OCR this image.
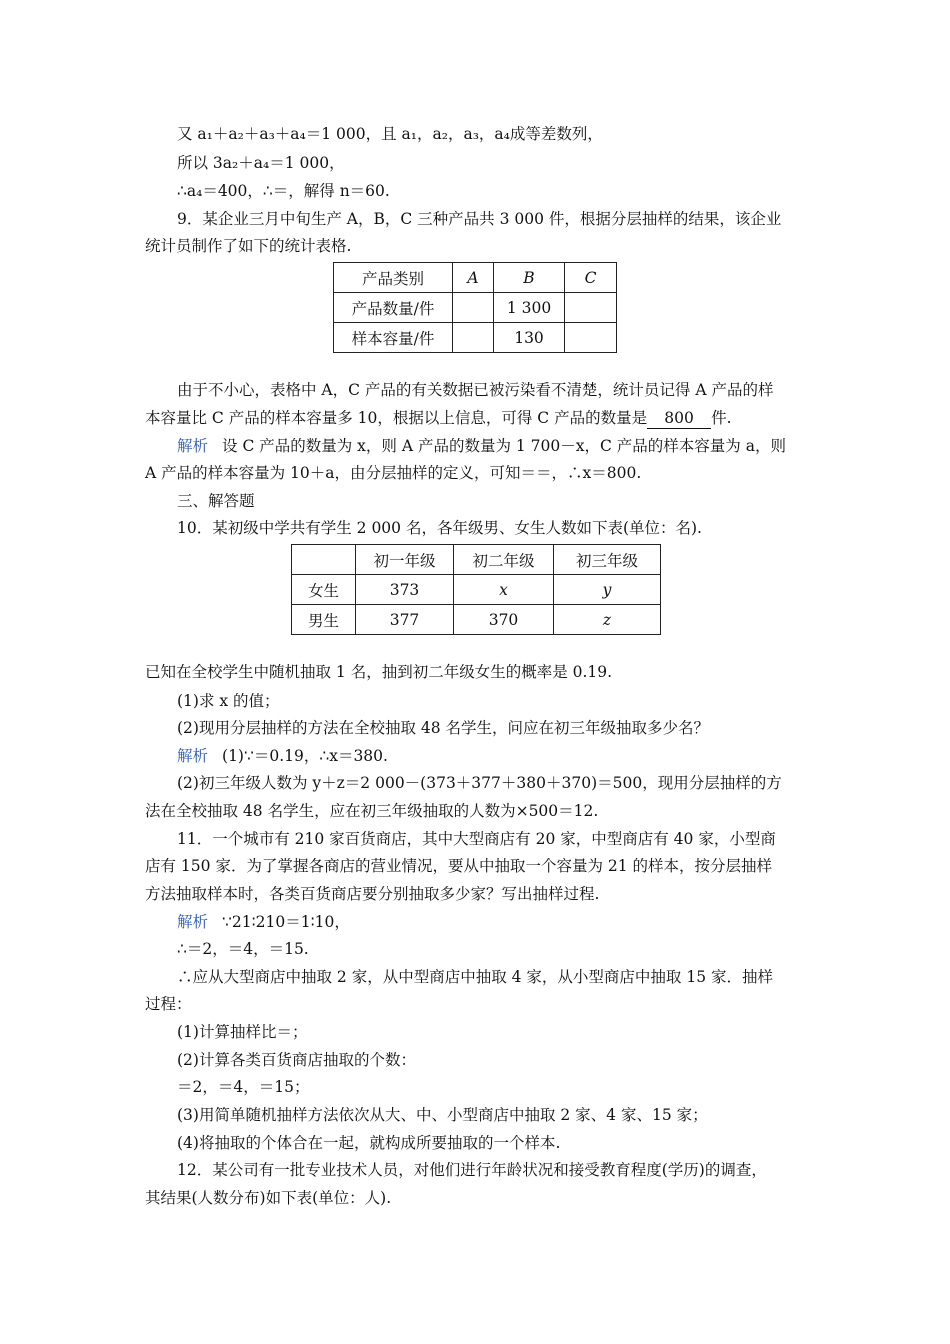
又 a₁＋a₂＋a₃＋a₄＝1 000，且 a₁，a₂，a₃，a₄成等差数列，
所以 3a₂＋a₄＝1 000，
∴a₄＝400，∴＝，解得 n＝60.
9．某企业三月中旬生产 A，B，C 三种产品共 3 000 件，根据分层抽样的结果，该企业
统计员制作了如下的统计表格.
产品类别	A	B	C
产品数量/件		1 300	
样本容量/件		130	
由于不小心，表格中 A，C 产品的有关数据已被污染看不清楚，统计员记得 A 产品的样
本容量比 C 产品的样本容量多 10，根据以上信息，可得 C 产品的数量是 800 件.
解析 设 C 产品的数量为 x，则 A 产品的数量为 1 700－x，C 产品的样本容量为 a，则
A 产品的样本容量为 10＋a，由分层抽样的定义，可知＝＝，∴x＝800.
三、解答题
10．某初级中学共有学生 2 000 名，各年级男、女生人数如下表(单位：名).
	初一年级	初二年级	初三年级
女生	373	x	y
男生	377	370	z
已知在全校学生中随机抽取 1 名，抽到初二年级女生的概率是 0.19.
(1)求 x 的值；
(2)现用分层抽样的方法在全校抽取 48 名学生，问应在初三年级抽取多少名？
解析 (1)∵＝0.19，∴x＝380.
(2)初三年级人数为 y＋z＝2 000－(373＋377＋380＋370)＝500，现用分层抽样的方
法在全校抽取 48 名学生，应在初三年级抽取的人数为×500＝12.
11．一个城市有 210 家百货商店，其中大型商店有 20 家，中型商店有 40 家，小型商
店有 150 家．为了掌握各商店的营业情况，要从中抽取一个容量为 21 的样本，按分层抽样
方法抽取样本时，各类百货商店要分别抽取多少家？写出抽样过程.
解析 ∵21∶210＝1∶10，
∴＝2，＝4，＝15.
∴应从大型商店中抽取 2 家，从中型商店中抽取 4 家，从小型商店中抽取 15 家．抽样
过程：
(1)计算抽样比＝；
(2)计算各类百货商店抽取的个数：
＝2，＝4，＝15；
(3)用简单随机抽样方法依次从大、中、小型商店中抽取 2 家、4 家、15 家；
(4)将抽取的个体合在一起，就构成所要抽取的一个样本.
12．某公司有一批专业技术人员，对他们进行年龄状况和接受教育程度(学历)的调查，
其结果(人数分布)如下表(单位：人).
